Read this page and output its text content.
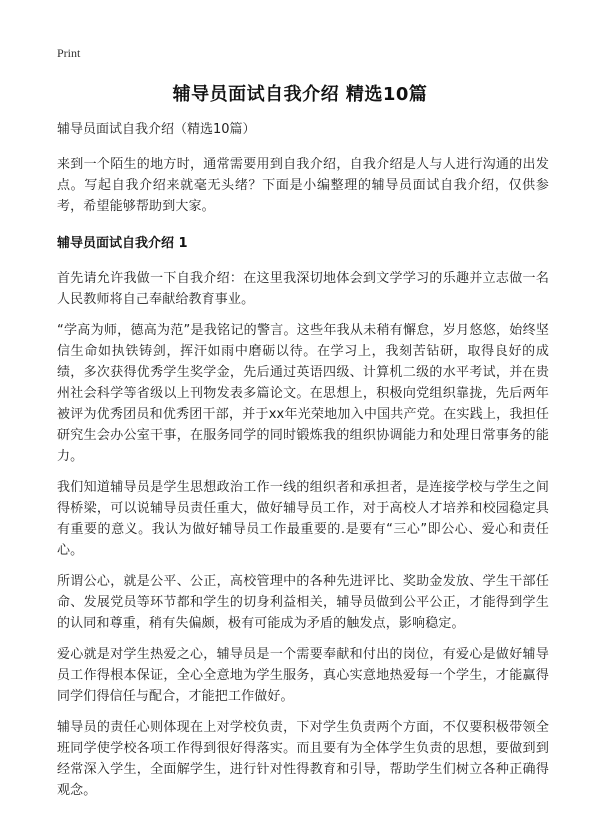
Print
辅导员面试自我介绍 精选10篇

辅导员面试自我介绍（精选10篇）

来到一个陌生的地方时，通常需要用到自我介绍，自我介绍是人与人进行沟通的出发点。写起自我介绍来就毫无头绪？下面是小编整理的辅导员面试自我介绍，仅供参考，希望能够帮助到大家。

辅导员面试自我介绍 1

首先请允许我做一下自我介绍：在这里我深切地体会到文学学习的乐趣并立志做一名人民教师将自己奉献给教育事业。

“学高为师，德高为范”是我铭记的警言。这些年我从未稍有懈怠，岁月悠悠，始终坚信生命如执铁铸剑，挥汗如雨中磨砺以待。在学习上，我刻苦钻研，取得良好的成绩，多次获得优秀学生奖学金，先后通过英语四级、计算机二级的水平考试，并在贵州社会科学等省级以上刊物发表多篇论文。在思想上，积极向党组织靠拢，先后两年被评为优秀团员和优秀团干部，并于xx年光荣地加入中国共产党。在实践上，我担任研究生会办公室干事，在服务同学的同时锻炼我的组织协调能力和处理日常事务的能力。

我们知道辅导员是学生思想政治工作一线的组织者和承担者，是连接学校与学生之间得桥梁，可以说辅导员责任重大，做好辅导员工作，对于高校人才培养和校园稳定具有重要的意义。我认为做好辅导员工作最重要的.是要有“三心”即公心、爱心和责任心。

所谓公心，就是公平、公正，高校管理中的各种先进评比、奖助金发放、学生干部任命、发展党员等环节都和学生的切身利益相关，辅导员做到公平公正，才能得到学生的认同和尊重，稍有失偏颇，极有可能成为矛盾的触发点，影响稳定。

爱心就是对学生热爱之心，辅导员是一个需要奉献和付出的岗位，有爱心是做好辅导员工作得根本保证，全心全意地为学生服务，真心实意地热爱每一个学生，才能赢得同学们得信任与配合，才能把工作做好。

辅导员的责任心则体现在上对学校负责，下对学生负责两个方面，不仅要积极带领全班同学使学校各项工作得到很好得落实。而且要有为全体学生负责的思想，要做到到经常深入学生，全面解学生，进行针对性得教育和引导，帮助学生们树立各种正确得观念。
